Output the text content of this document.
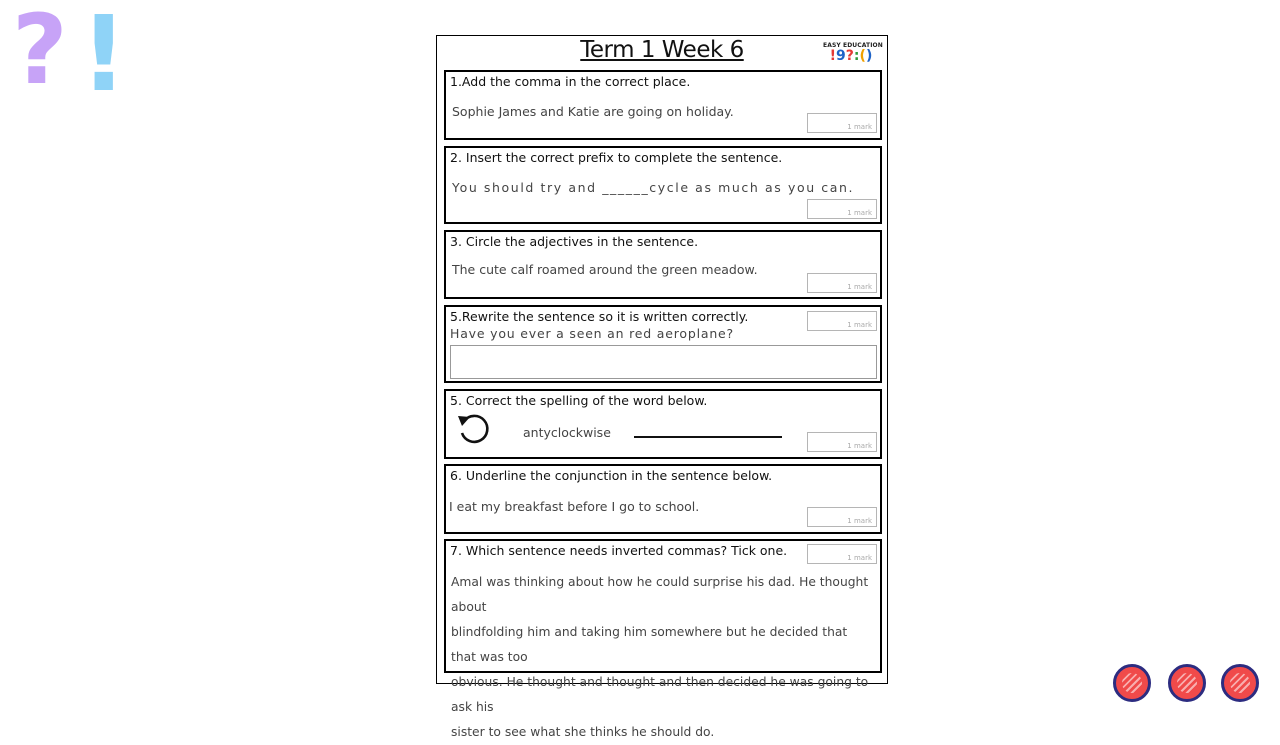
? !	Term 1 Week 6	EASY EDUCATION
!9?:()
1.Add the comma in the correct place.
Sophie James and Katie are going on holiday.
1 mark
2. Insert the correct prefix to complete the sentence.
You should try and ______cycle as much as you can.
1 mark
3. Circle the adjectives in the sentence.
The cute calf roamed around the green meadow.
1 mark
5.Rewrite the sentence so it is written correctly.
Have you ever a seen an red aeroplane?
1 mark
5. Correct the spelling of the word below.
antyclockwise
1 mark
6. Underline the conjunction in the sentence below.
I eat my breakfast before I go to school.
1 mark
7. Which sentence needs inverted commas? Tick one.	1 mark
Amal was thinking about how he could surprise his dad. He thought about
blindfolding him and taking him somewhere but he decided that that was too
obvious. He thought and thought and then decided he was going to ask his
sister to see what she thinks he should do.
